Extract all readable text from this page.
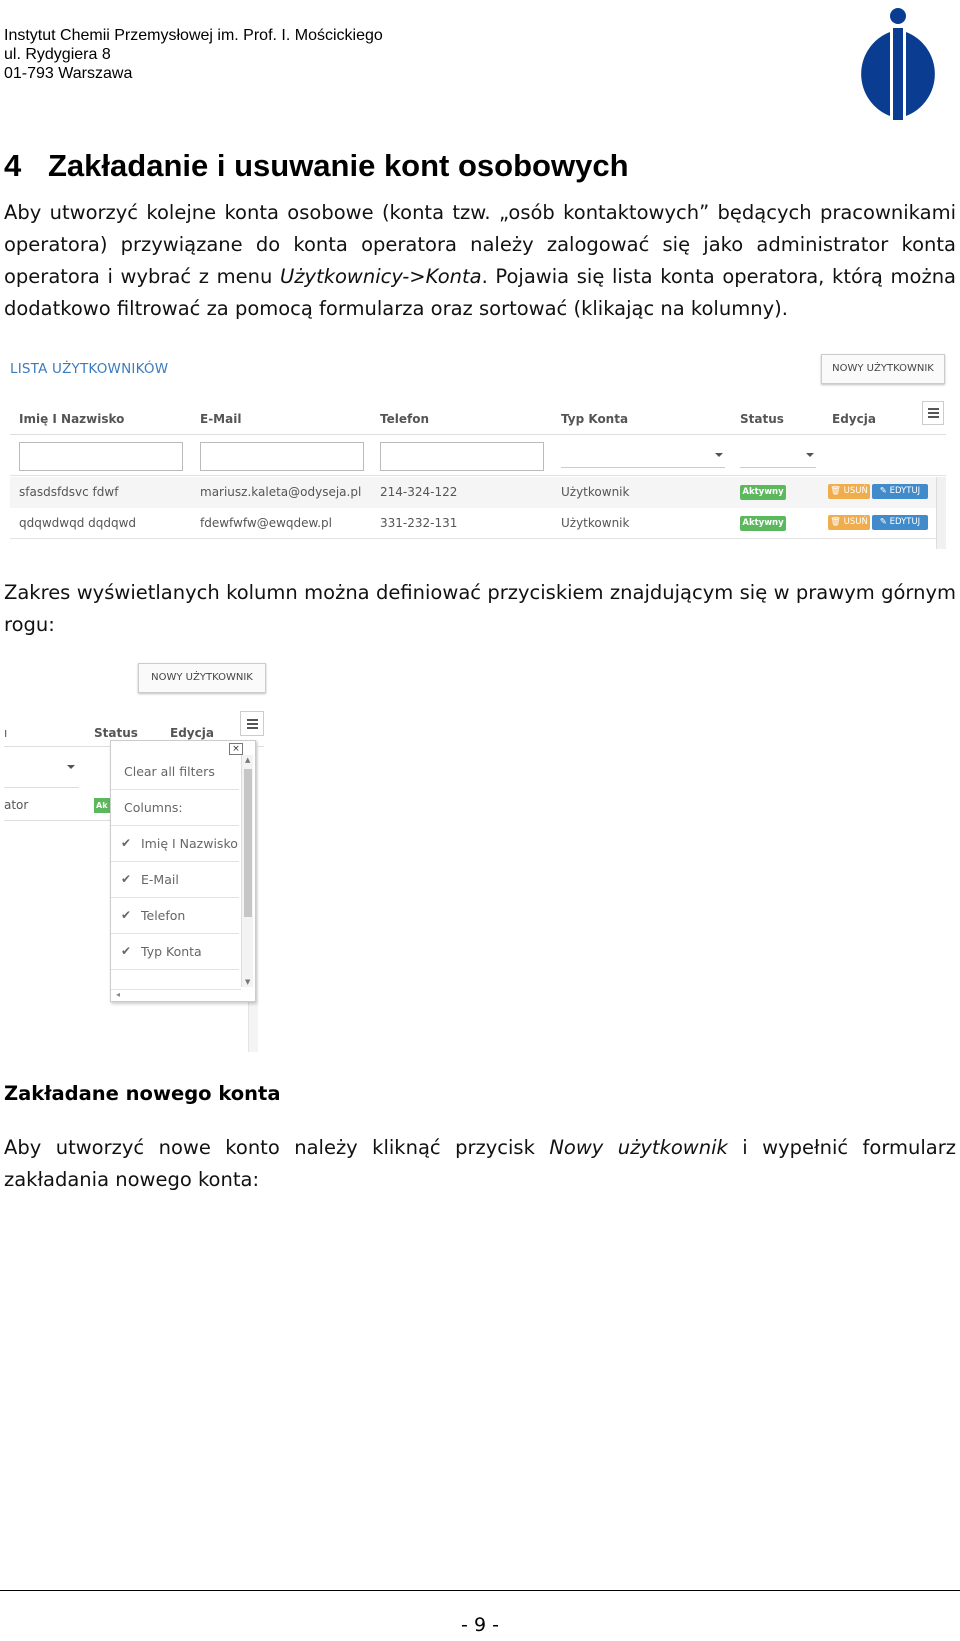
Instytut Chemii Przemysłowej im. Prof. I. Mościckiego
ul. Rydygiera 8
01-793 Warszawa
4 Zakładanie i usuwanie kont osobowych
Aby utworzyć kolejne konta osobowe (konta tzw. „osób kontaktowych” będących pracownikami operatora) przywiązane do konta operatora należy zalogować się jako administrator konta operatora i wybrać z menu Użytkownicy->Konta. Pojawia się lista konta operatora, którą można dodatkowo filtrować za pomocą formularza oraz sortować (klikając na kolumny).
LISTA UŻYTKOWNIKÓW	NOWY UŻYTKOWNIK
Imię I Nazwisko	E-Mail	Telefon	Typ Konta	Status	Edycja
sfasdsfdsvc fdwf	mariusz.kaleta@odyseja.pl 214-324-122	Użytkownik	Aktywny	🗑 USUŃ	✎ EDYTUJ
qdqwdwqd dqdqwd	fdewfwfw@ewqdew.pl	331-232-131	Użytkownik	Aktywny	🗑 USUŃ	✎ EDYTUJ
Zakres wyświetlanych kolumn można definiować przyciskiem znajdującym się w prawym górnym rogu:
NOWY UŻYTKOWNIK
ı	Status	Edycja
ator	Ak
×
Clear all filters
Columns:
✔ Imię I Nazwisko
✔ E-Mail
✔ Telefon
✔ Typ Konta
▲
▼
◂
Zakładane nowego konta
Aby utworzyć nowe konto należy kliknąć przycisk Nowy użytkownik i wypełnić formularz zakładania nowego konta:
- 9 -
